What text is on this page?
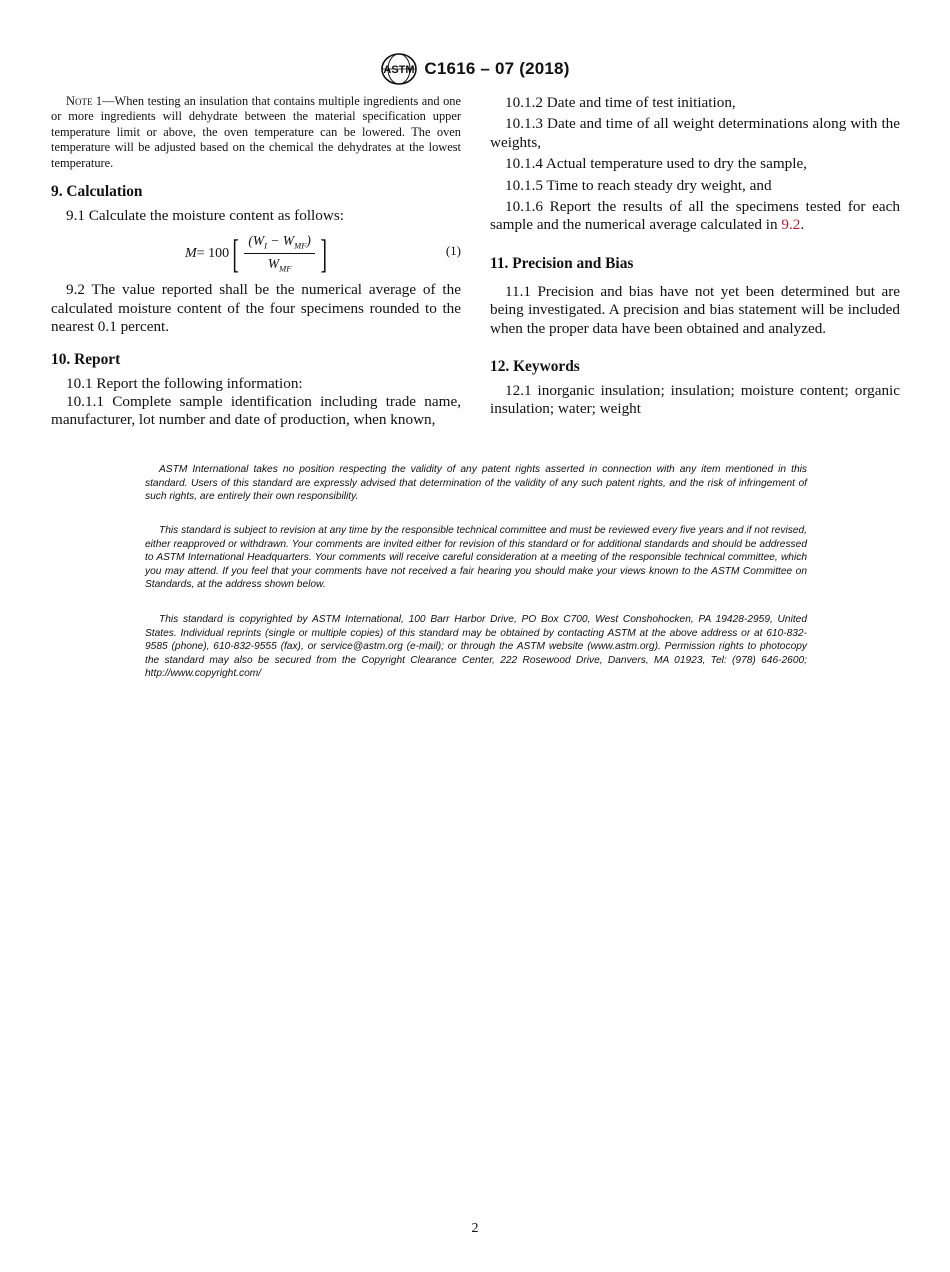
ASTM C1616 – 07 (2018)

Note 1—When testing an insulation that contains multiple ingredients and one or more ingredients will dehydrate between the material specification upper temperature limit or above, the oven temperature can be lowered. The oven temperature will be adjusted based on the chemical the dehydrates at the lowest temperature.

9. Calculation

9.1 Calculate the moisture content as follows:

M = 100 [ $\frac{(W_I - W_{MF})}{W_{MF}}$ ]	(1)

9.2 The value reported shall be the numerical average of the calculated moisture content of the four specimens rounded to the nearest 0.1 percent.

10. Report

10.1 Report the following information:

10.1.1 Complete sample identification including trade name, manufacturer, lot number and date of production, when known,

10.1.2 Date and time of test initiation,

10.1.3 Date and time of all weight determinations along with the weights,

10.1.4 Actual temperature used to dry the sample,

10.1.5 Time to reach steady dry weight, and

10.1.6 Report the results of all the specimens tested for each sample and the numerical average calculated in 9.2.

11. Precision and Bias

11.1 Precision and bias have not yet been determined but are being investigated. A precision and bias statement will be included when the proper data have been obtained and analyzed.

12. Keywords

12.1 inorganic insulation; insulation; moisture content; organic insulation; water; weight

ASTM International takes no position respecting the validity of any patent rights asserted in connection with any item mentioned in this standard. Users of this standard are expressly advised that determination of the validity of any such patent rights, and the risk of infringement of such rights, are entirely their own responsibility.

This standard is subject to revision at any time by the responsible technical committee and must be reviewed every five years and if not revised, either reapproved or withdrawn. Your comments are invited either for revision of this standard or for additional standards and should be addressed to ASTM International Headquarters. Your comments will receive careful consideration at a meeting of the responsible technical committee, which you may attend. If you feel that your comments have not received a fair hearing you should make your views known to the ASTM Committee on Standards, at the address shown below.

This standard is copyrighted by ASTM International, 100 Barr Harbor Drive, PO Box C700, West Conshohocken, PA 19428-2959, United States. Individual reprints (single or multiple copies) of this standard may be obtained by contacting ASTM at the above address or at 610-832-9585 (phone), 610-832-9555 (fax), or service@astm.org (e-mail); or through the ASTM website (www.astm.org). Permission rights to photocopy the standard may also be secured from the Copyright Clearance Center, 222 Rosewood Drive, Danvers, MA 01923, Tel: (978) 646-2600; http://www.copyright.com/

2
